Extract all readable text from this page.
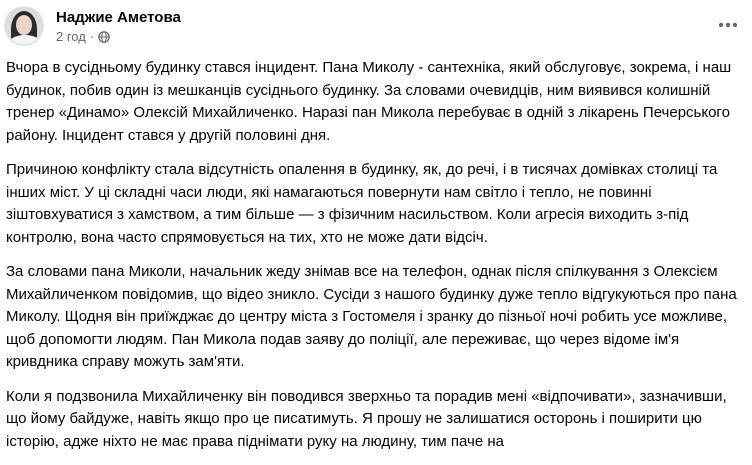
Наджие Аметова
2 год ·

Вчора в сусідньому будинку стався інцидент. Пана Миколу - сантехніка, який обслуговує, зокрема, і наш будинок, побив один із мешканців сусіднього будинку. За словами очевидців, ним виявився колишній тренер «Динамо» Олексій Михайличенко. Наразі пан Микола перебуває в одній з лікарень Печерського району. Інцидент стався у другій половині дня.

Причиною конфлікту стала відсутність опалення в будинку, як, до речі, і в тисячах домівках столиці та інших міст. У ці складні часи люди, які намагаються повернути нам світло і тепло, не повинні зіштовхуватися з хамством, а тим більше — з фізичним насильством. Коли агресія виходить з-під контролю, вона часто спрямовується на тих, хто не може дати відсіч.

За словами пана Миколи, начальник жеду знімав все на телефон, однак після спілкування з Олексієм Михайличенком повідомив, що відео зникло. Сусіди з нашого будинку дуже тепло відгукуються про пана Миколу. Щодня він приїжджає до центру міста з Гостомеля і зранку до пізньої ночі робить усе можливе, щоб допомогти людям. Пан Микола подав заяву до поліції, але переживає, що через відоме ім'я кривдника справу можуть зам'яти.

Коли я подзвонила Михайличенку він поводився зверхньо та порадив мені «відпочивати», зазначивши, що йому байдуже, навіть якщо про це писатимуть. Я прошу не залишатися осторонь і поширити цю історію, адже ніхто не має права піднімати руку на людину, тим паче на
